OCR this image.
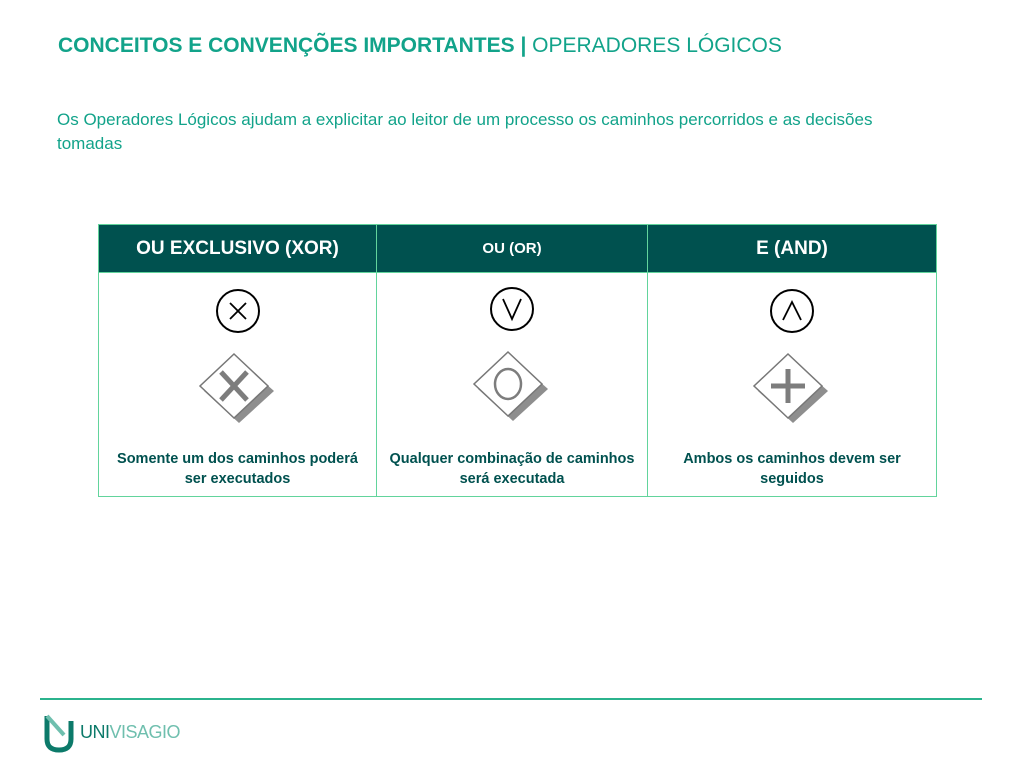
CONCEITOS E CONVENÇÕES IMPORTANTES | OPERADORES LÓGICOS
Os Operadores Lógicos ajudam a explicitar ao leitor de um processo os caminhos percorridos e as decisões tomadas
OU EXCLUSIVO (XOR)	OU (OR)	E (AND)

Somente um dos caminhos poderá ser executados	Qualquer combinação de caminhos será executada	Ambos os caminhos devem ser seguidos
UNIVISAGIO
